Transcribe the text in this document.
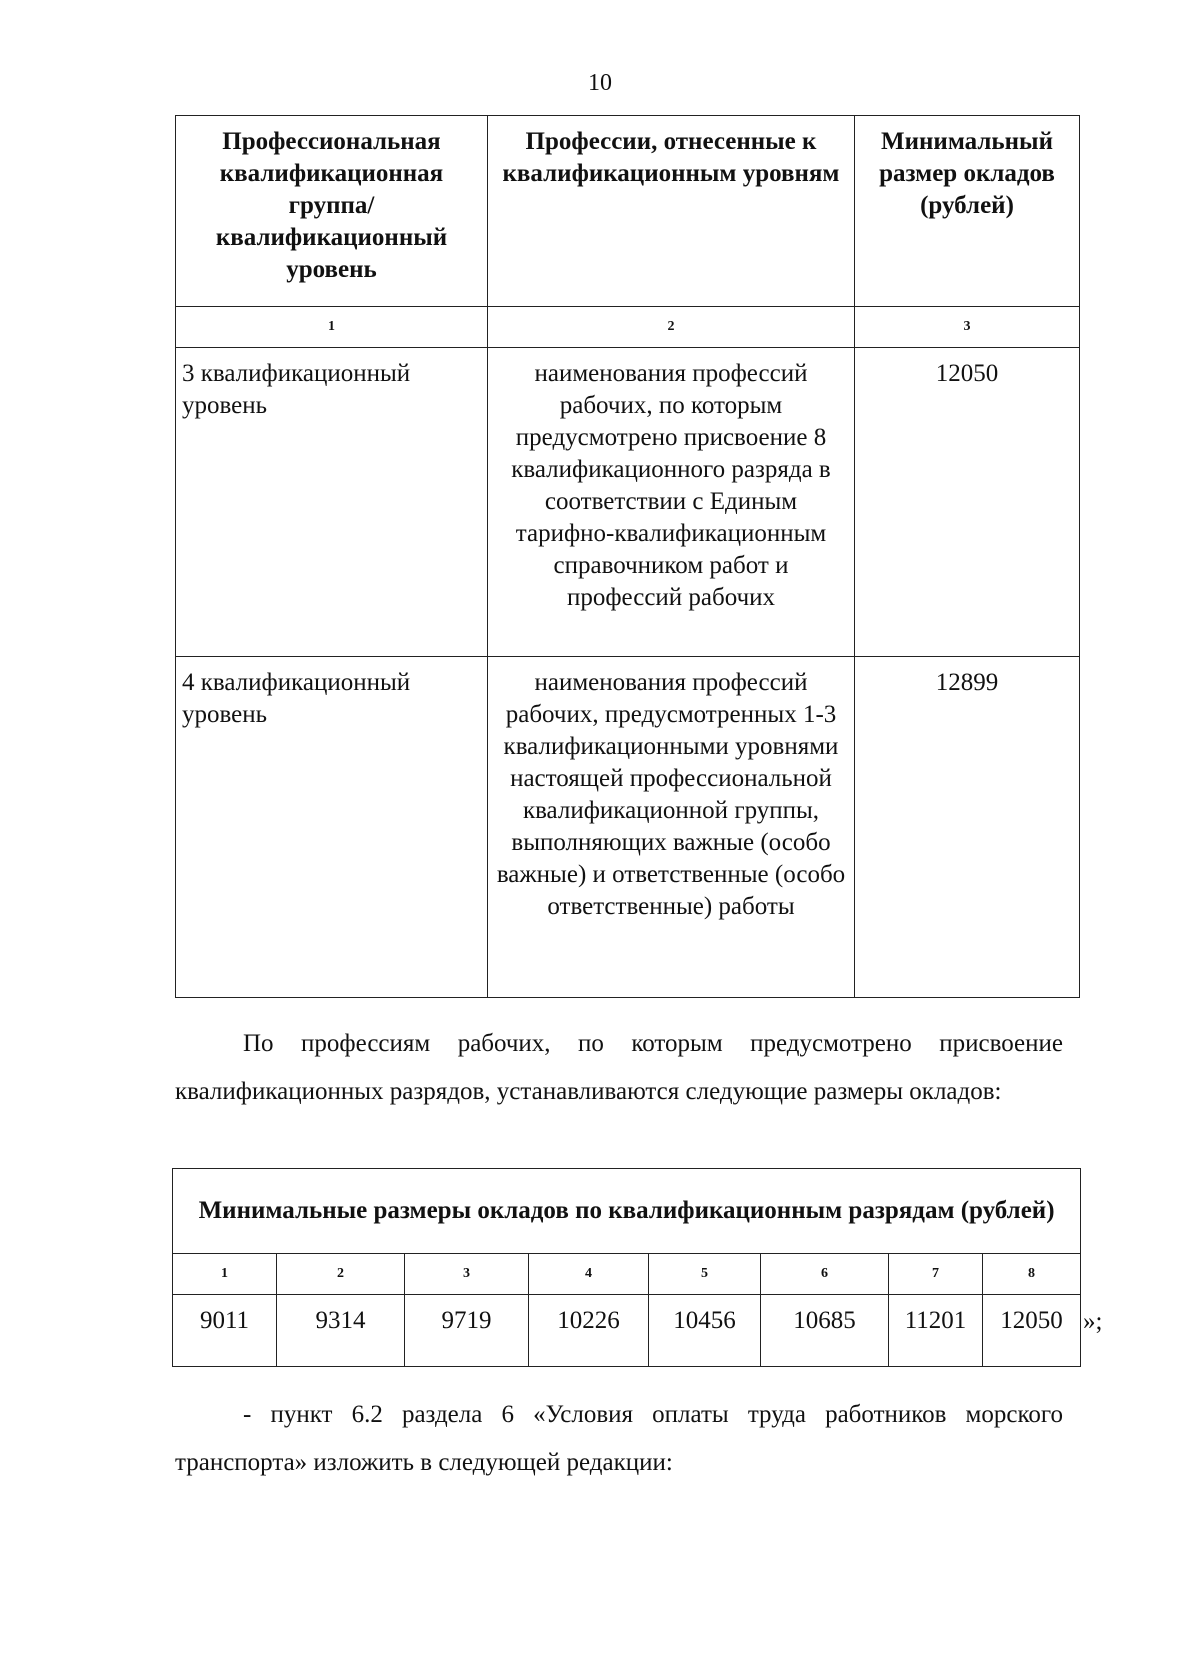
10
Профессиональная квалификационная группа/ квалификационный уровень	Профессии, отнесенные к квалификационным уровням	Минимальный размер окладов (рублей)
1	2	3
3 квалификационный уровень	наименования профессий рабочих, по которым предусмотрено присвоение 8 квалификационного разряда в соответствии с Единым тарифно-квалификационным справочником работ и профессий рабочих	12050
4 квалификационный уровень	наименования профессий рабочих, предусмотренных 1-3 квалификационными уровнями настоящей профессиональной квалификационной группы, выполняющих важные (особо важные) и ответственные (особо ответственные) работы	12899
По профессиям рабочих, по которым предусмотрено присвоение квалификационных разрядов, устанавливаются следующие размеры окладов:
Минимальные размеры окладов по квалификационным разрядам (рублей)							
1	2	3	4	5	6	7	8
9011	9314	9719	10226	10456	10685	11201	12050 »;
- пункт 6.2 раздела 6 «Условия оплаты труда работников морского транспорта» изложить в следующей редакции:
